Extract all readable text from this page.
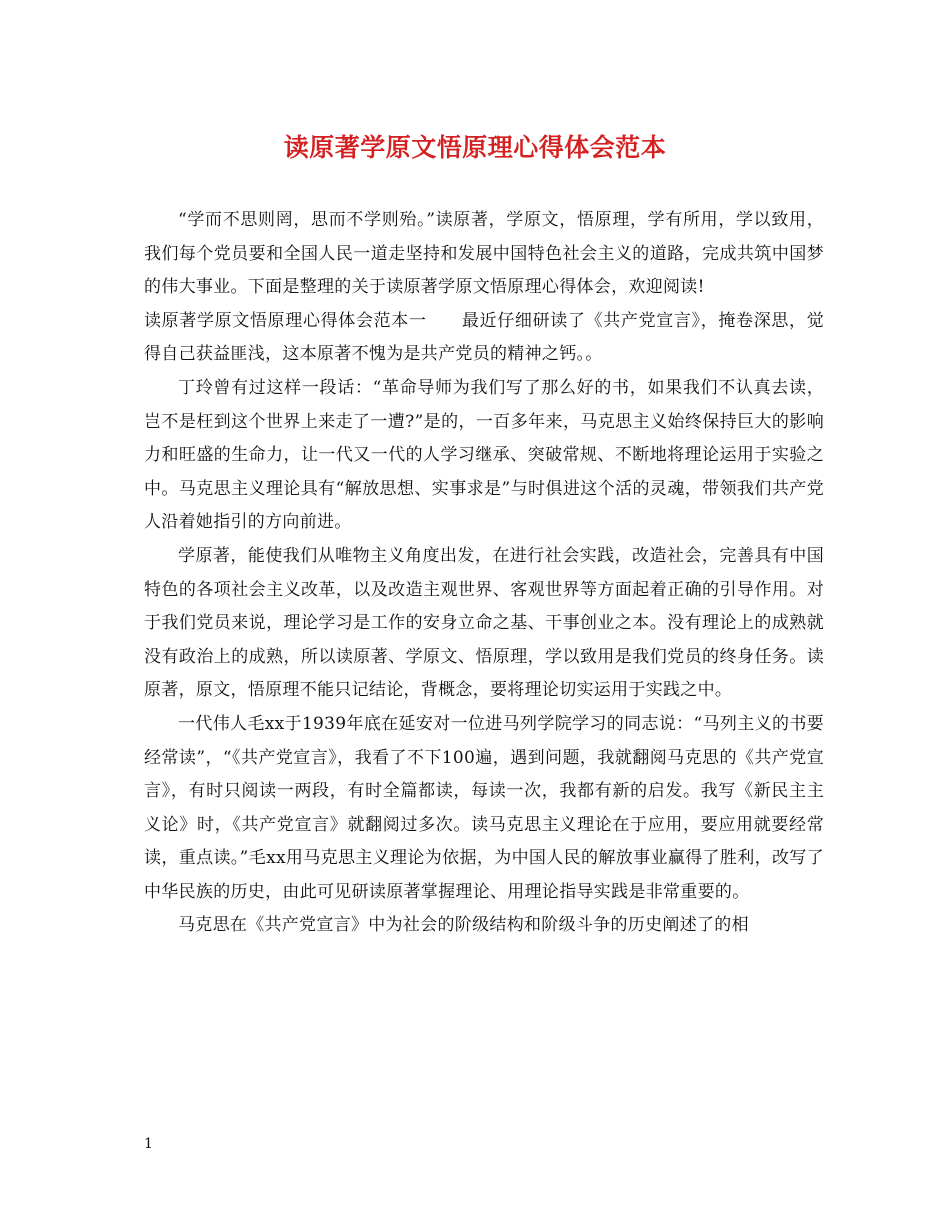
读原著学原文悟原理心得体会范本

“学而不思则罔，思而不学则殆。”读原著，学原文，悟原理，学有所用，学以致用，我们每个党员要和全国人民一道走坚持和发展中国特色社会主义的道路，完成共筑中国梦的伟大事业。下面是整理的关于读原著学原文悟原理心得体会，欢迎阅读!

读原著学原文悟原理心得体会范本一　　最近仔细研读了《共产党宣言》，掩卷深思，觉得自己获益匪浅，这本原著不愧为是共产党员的精神之钙。。

丁玲曾有过这样一段话：“革命导师为我们写了那么好的书，如果我们不认真去读，岂不是枉到这个世界上来走了一遭?”是的，一百多年来，马克思主义始终保持巨大的影响力和旺盛的生命力，让一代又一代的人学习继承、突破常规、不断地将理论运用于实验之中。马克思主义理论具有“解放思想、实事求是”与时俱进这个活的灵魂，带领我们共产党人沿着她指引的方向前进。

学原著，能使我们从唯物主义角度出发，在进行社会实践，改造社会，完善具有中国特色的各项社会主义改革，以及改造主观世界、客观世界等方面起着正确的引导作用。对于我们党员来说，理论学习是工作的安身立命之基、干事创业之本。没有理论上的成熟就没有政治上的成熟，所以读原著、学原文、悟原理，学以致用是我们党员的终身任务。读原著，原文，悟原理不能只记结论，背概念，要将理论切实运用于实践之中。

一代伟人毛xx于1939年底在延安对一位进马列学院学习的同志说：“马列主义的书要经常读”，“《共产党宣言》，我看了不下100遍，遇到问题，我就翻阅马克思的《共产党宣言》，有时只阅读一两段，有时全篇都读，每读一次，我都有新的启发。我写《新民主主义论》时，《共产党宣言》就翻阅过多次。读马克思主义理论在于应用，要应用就要经常读，重点读。”毛xx用马克思主义理论为依据，为中国人民的解放事业赢得了胜利，改写了中华民族的历史，由此可见研读原著掌握理论、用理论指导实践是非常重要的。

马克思在《共产党宣言》中为社会的阶级结构和阶级斗争的历史阐述了的相

1
